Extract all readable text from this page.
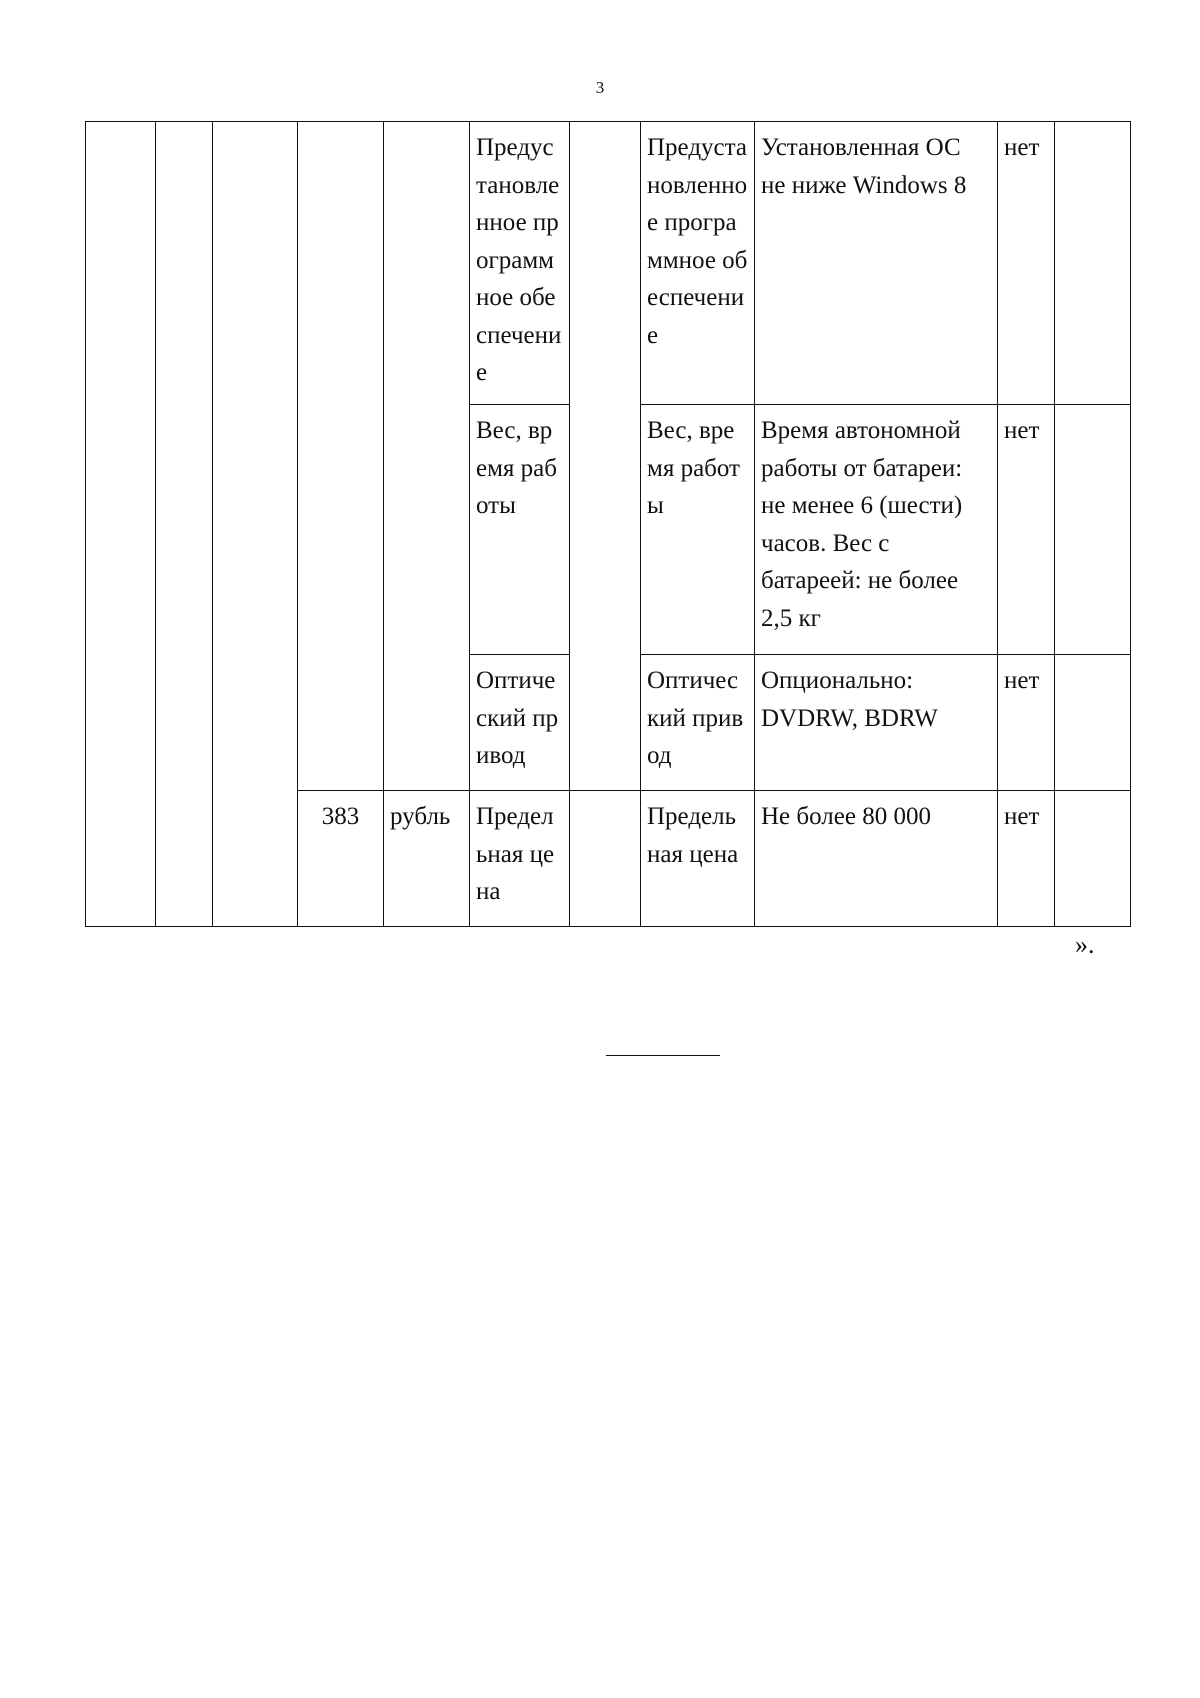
3
					Предустановленное программное обеспечение		Предустановленное программное обеспечение	Установленная ОС не ниже Windows 8	нет	
					Вес, время работы		Вес, время работы	Время автономной работы от батареи: не менее 6 (шести) часов. Вес с батареей: не более 2,5 кг	нет	
					Оптический привод		Оптический привод	Опционально: DVDRW, BDRW	нет	
			383	рубль	Предельная цена		Предельная цена	Не более 80 000	нет	
».
